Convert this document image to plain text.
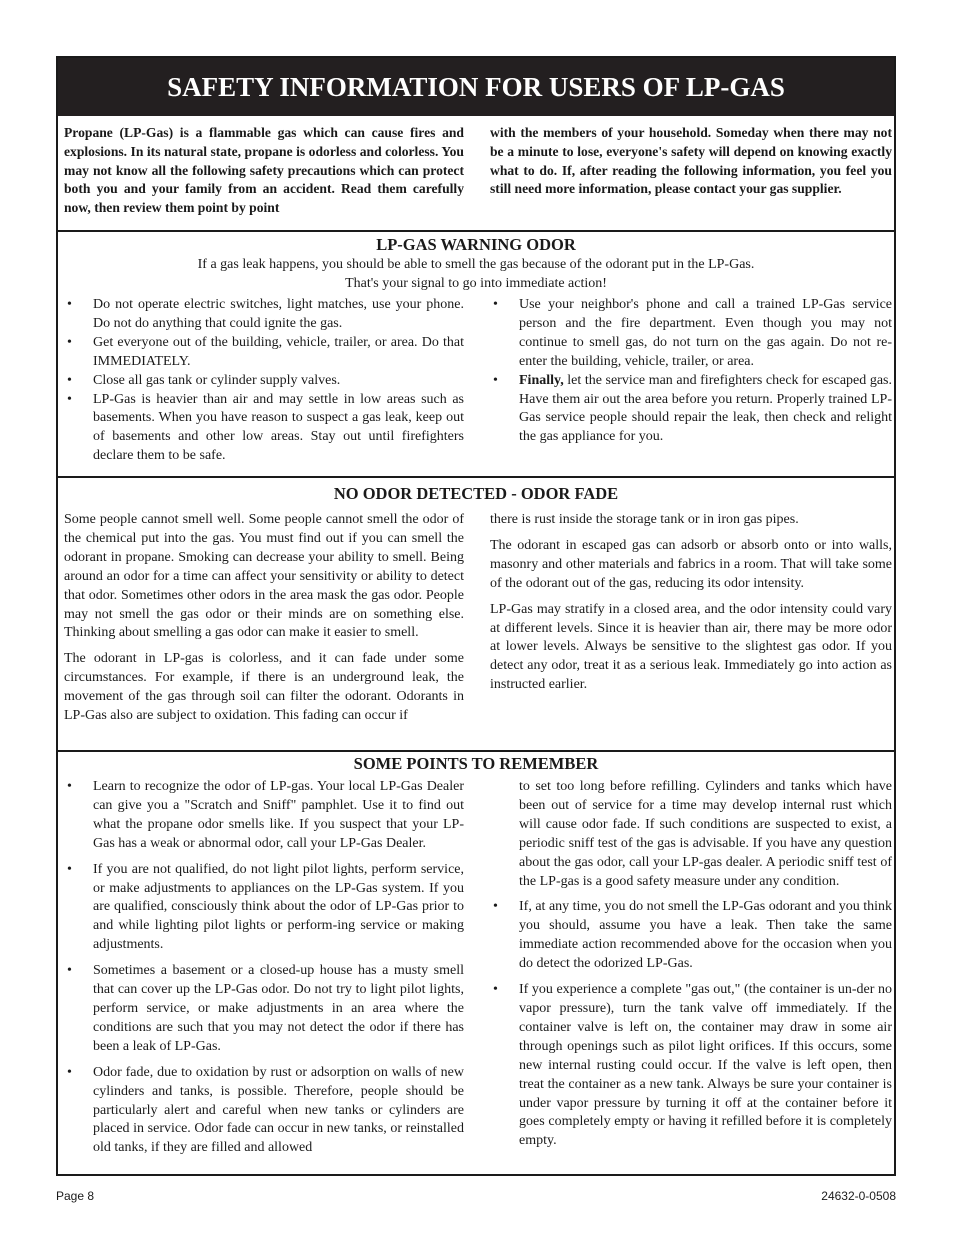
SAFETY INFORMATION FOR USERS OF LP-GAS
Propane (LP-Gas) is a flammable gas which can cause fires and explosions. In its natural state, propane is odorless and colorless. You may not know all the following safety precautions which can protect both you and your family from an accident. Read them carefully now, then review them point by point
with the members of your household. Someday when there may not be a minute to lose, everyone's safety will depend on knowing exactly what to do. If, after reading the following information, you feel you still need more information, please contact your gas supplier.
LP-GAS WARNING ODOR
If a gas leak happens, you should be able to smell the gas because of the odorant put in the LP-Gas.
That's your signal to go into immediate action!
• Do not operate electric switches, light matches, use your phone. Do not do anything that could ignite the gas.
• Get everyone out of the building, vehicle, trailer, or area. Do that IMMEDIATELY.
• Close all gas tank or cylinder supply valves.
• LP-Gas is heavier than air and may settle in low areas such as basements. When you have reason to suspect a gas leak, keep out of basements and other low areas. Stay out until firefighters declare them to be safe.
• Use your neighbor's phone and call a trained LP-Gas service person and the fire department. Even though you may not continue to smell gas, do not turn on the gas again. Do not re-enter the building, vehicle, trailer, or area.
• Finally, let the service man and firefighters check for escaped gas. Have them air out the area before you return. Properly trained LP-Gas service people should repair the leak, then check and relight the gas appliance for you.
NO ODOR DETECTED - ODOR FADE

Some people cannot smell well. Some people cannot smell the odor of the chemical put into the gas. You must find out if you can smell the odorant in propane. Smoking can decrease your ability to smell. Being around an odor for a time can affect your sensitivity or ability to detect that odor. Sometimes other odors in the area mask the gas odor. People may not smell the gas odor or their minds are on something else. Thinking about smelling a gas odor can make it easier to smell.

The odorant in LP-gas is colorless, and it can fade under some circumstances. For example, if there is an underground leak, the movement of the gas through soil can filter the odorant. Odorants in LP-Gas also are subject to oxidation. This fading can occur if

there is rust inside the storage tank or in iron gas pipes.

The odorant in escaped gas can adsorb or absorb onto or into walls, masonry and other materials and fabrics in a room. That will take some of the odorant out of the gas, reducing its odor intensity.

LP-Gas may stratify in a closed area, and the odor intensity could vary at different levels. Since it is heavier than air, there may be more odor at lower levels. Always be sensitive to the slightest gas odor. If you detect any odor, treat it as a serious leak. Immediately go into action as instructed earlier.

SOME POINTS TO REMEMBER
• Learn to recognize the odor of LP-gas. Your local LP-Gas Dealer can give you a "Scratch and Sniff" pamphlet. Use it to find out what the propane odor smells like. If you suspect that your LP-Gas has a weak or abnormal odor, call your LP-Gas Dealer.
• If you are not qualified, do not light pilot lights, perform service, or make adjustments to appliances on the LP-Gas system. If you are qualified, consciously think about the odor of LP-Gas prior to and while lighting pilot lights or perform-ing service or making adjustments.
• Sometimes a basement or a closed-up house has a musty smell that can cover up the LP-Gas odor. Do not try to light pilot lights, perform service, or make adjustments in an area where the conditions are such that you may not detect the odor if there has been a leak of LP-Gas.
• Odor fade, due to oxidation by rust or adsorption on walls of new cylinders and tanks, is possible. Therefore, people should be particularly alert and careful when new tanks or cylinders are placed in service. Odor fade can occur in new tanks, or reinstalled old tanks, if they are filled and allowed
to set too long before refilling. Cylinders and tanks which have been out of service for a time may develop internal rust which will cause odor fade. If such conditions are suspected to exist, a periodic sniff test of the gas is advisable. If you have any question about the gas odor, call your LP-gas dealer. A periodic sniff test of the LP-gas is a good safety measure under any condition.
• If, at any time, you do not smell the LP-Gas odorant and you think you should, assume you have a leak. Then take the same immediate action recommended above for the occasion when you do detect the odorized LP-Gas.
• If you experience a complete "gas out," (the container is un-der no vapor pressure), turn the tank valve off immediately. If the container valve is left on, the container may draw in some air through openings such as pilot light orifices. If this occurs, some new internal rusting could occur. If the valve is left open, then treat the container as a new tank. Always be sure your container is under vapor pressure by turning it off at the container before it goes completely empty or having it refilled before it is completely empty.
Page 8	24632-0-0508
